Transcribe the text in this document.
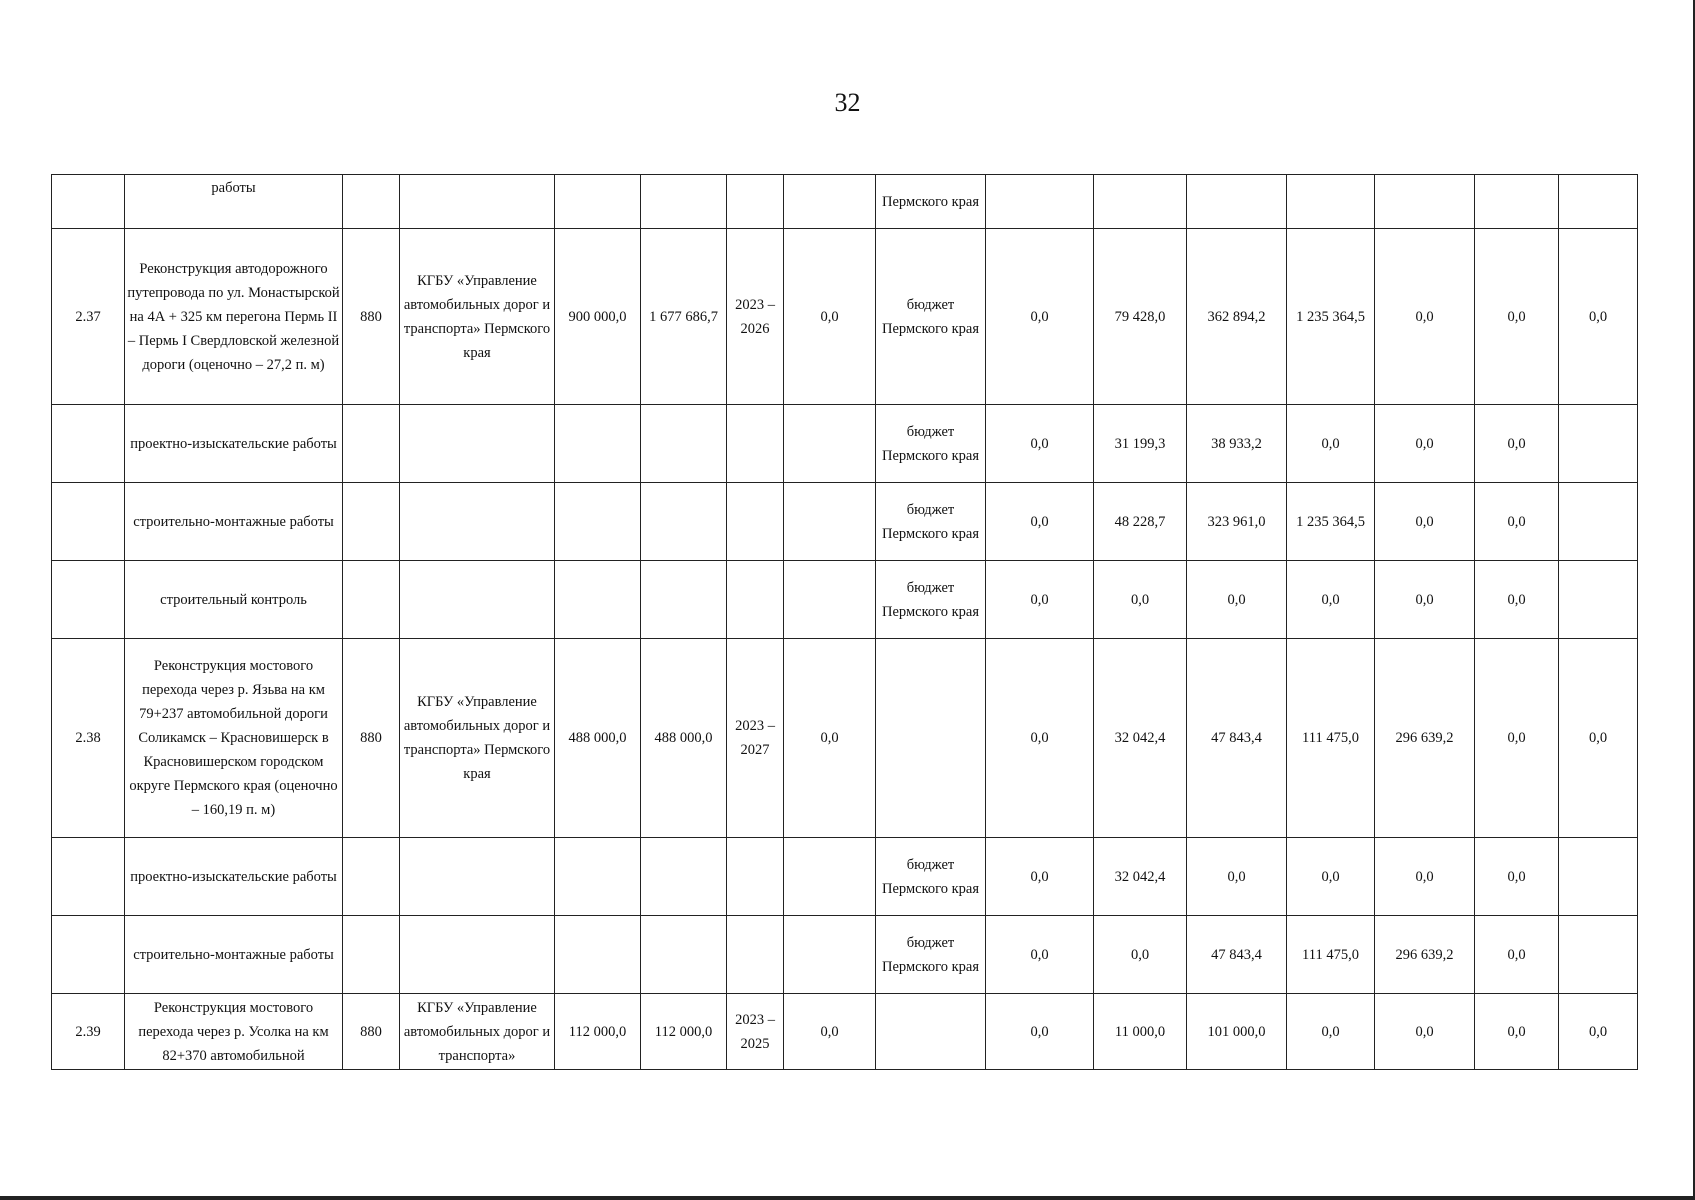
32
	работы							Пермского края							
2.37	Реконструкция автодорожного путепровода по ул. Монастырской на 4А + 325 км перегона Пермь II – Пермь I Свердловской железной дороги (оценочно – 27,2 п. м)	880	КГБУ «Управление автомобильных дорог и транспорта» Пермского края	900 000,0	1 677 686,7	2023 – 2026	0,0	бюджет Пермского края	0,0	79 428,0	362 894,2	1 235 364,5	0,0	0,0	0,0
	проектно-изыскательские работы							бюджет Пермского края	0,0	31 199,3	38 933,2	0,0	0,0	0,0	
	строительно-монтажные работы							бюджет Пермского края	0,0	48 228,7	323 961,0	1 235 364,5	0,0	0,0	
	строительный контроль							бюджет Пермского края	0,0	0,0	0,0	0,0	0,0	0,0	
2.38	Реконструкция мостового перехода через р. Язьва на км 79+237 автомобильной дороги Соликамск – Красновишерск в Красновишерском городском округе Пермского края (оценочно – 160,19 п. м)	880	КГБУ «Управление автомобильных дорог и транспорта» Пермского края	488 000,0	488 000,0	2023 – 2027	0,0		0,0	32 042,4	47 843,4	111 475,0	296 639,2	0,0	0,0
	проектно-изыскательские работы							бюджет Пермского края	0,0	32 042,4	0,0	0,0	0,0	0,0	
	строительно-монтажные работы							бюджет Пермского края	0,0	0,0	47 843,4	111 475,0	296 639,2	0,0	
2.39	Реконструкция мостового перехода через р. Усолка на км 82+370 автомобильной	880	КГБУ «Управление автомобильных дорог и транспорта»	112 000,0	112 000,0	2023 – 2025	0,0		0,0	11 000,0	101 000,0	0,0	0,0	0,0	0,0
